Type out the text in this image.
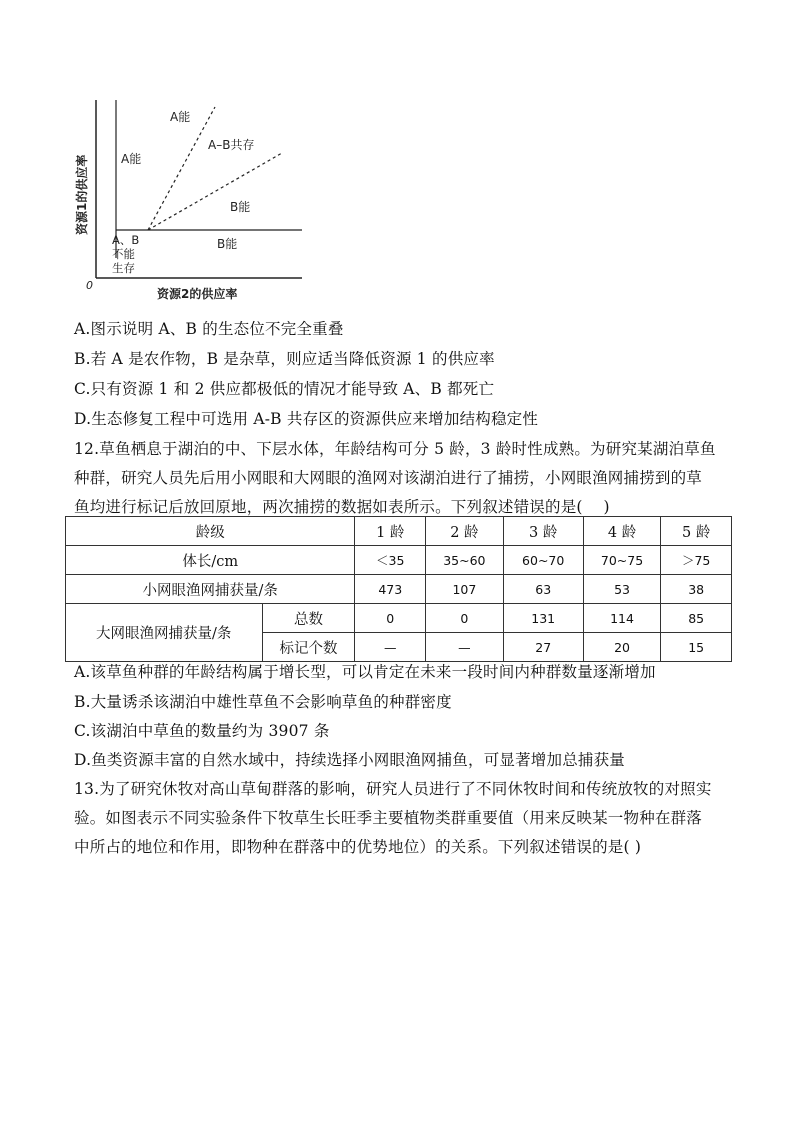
A能
A能
A–B共存
B能
B能
A、B
不能
生存
资源1的供应率
资源2的供应率
0
A.图示说明 A、B 的生态位不完全重叠
B.若 A 是农作物，B 是杂草，则应适当降低资源 1 的供应率
C.只有资源 1 和 2 供应都极低的情况才能导致 A、B 都死亡
D.生态修复工程中可选用 A-B 共存区的资源供应来增加结构稳定性
12.草鱼栖息于湖泊的中、下层水体，年龄结构可分 5 龄，3 龄时性成熟。为研究某湖泊草鱼
种群，研究人员先后用小网眼和大网眼的渔网对该湖泊进行了捕捞，小网眼渔网捕捞到的草
鱼均进行标记后放回原地，两次捕捞的数据如表所示。下列叙述错误的是(　 )
龄级		1 龄	2 龄	3 龄	4 龄	5 龄
体长/cm		＜35	35~60	60~70	70~75	＞75
小网眼渔网捕获量/条		473	107	63	53	38
大网眼渔网捕获量/条	总数	0	0	131	114	85
	标记个数	—	—	27	20	15
A.该草鱼种群的年龄结构属于增长型，可以肯定在未来一段时间内种群数量逐渐增加
B.大量诱杀该湖泊中雄性草鱼不会影响草鱼的种群密度
C.该湖泊中草鱼的数量约为 3907 条
D.鱼类资源丰富的自然水域中，持续选择小网眼渔网捕鱼，可显著增加总捕获量
13.为了研究休牧对高山草甸群落的影响，研究人员进行了不同休牧时间和传统放牧的对照实
验。如图表示不同实验条件下牧草生长旺季主要植物类群重要值（用来反映某一物种在群落
中所占的地位和作用，即物种在群落中的优势地位）的关系。下列叙述错误的是( )
